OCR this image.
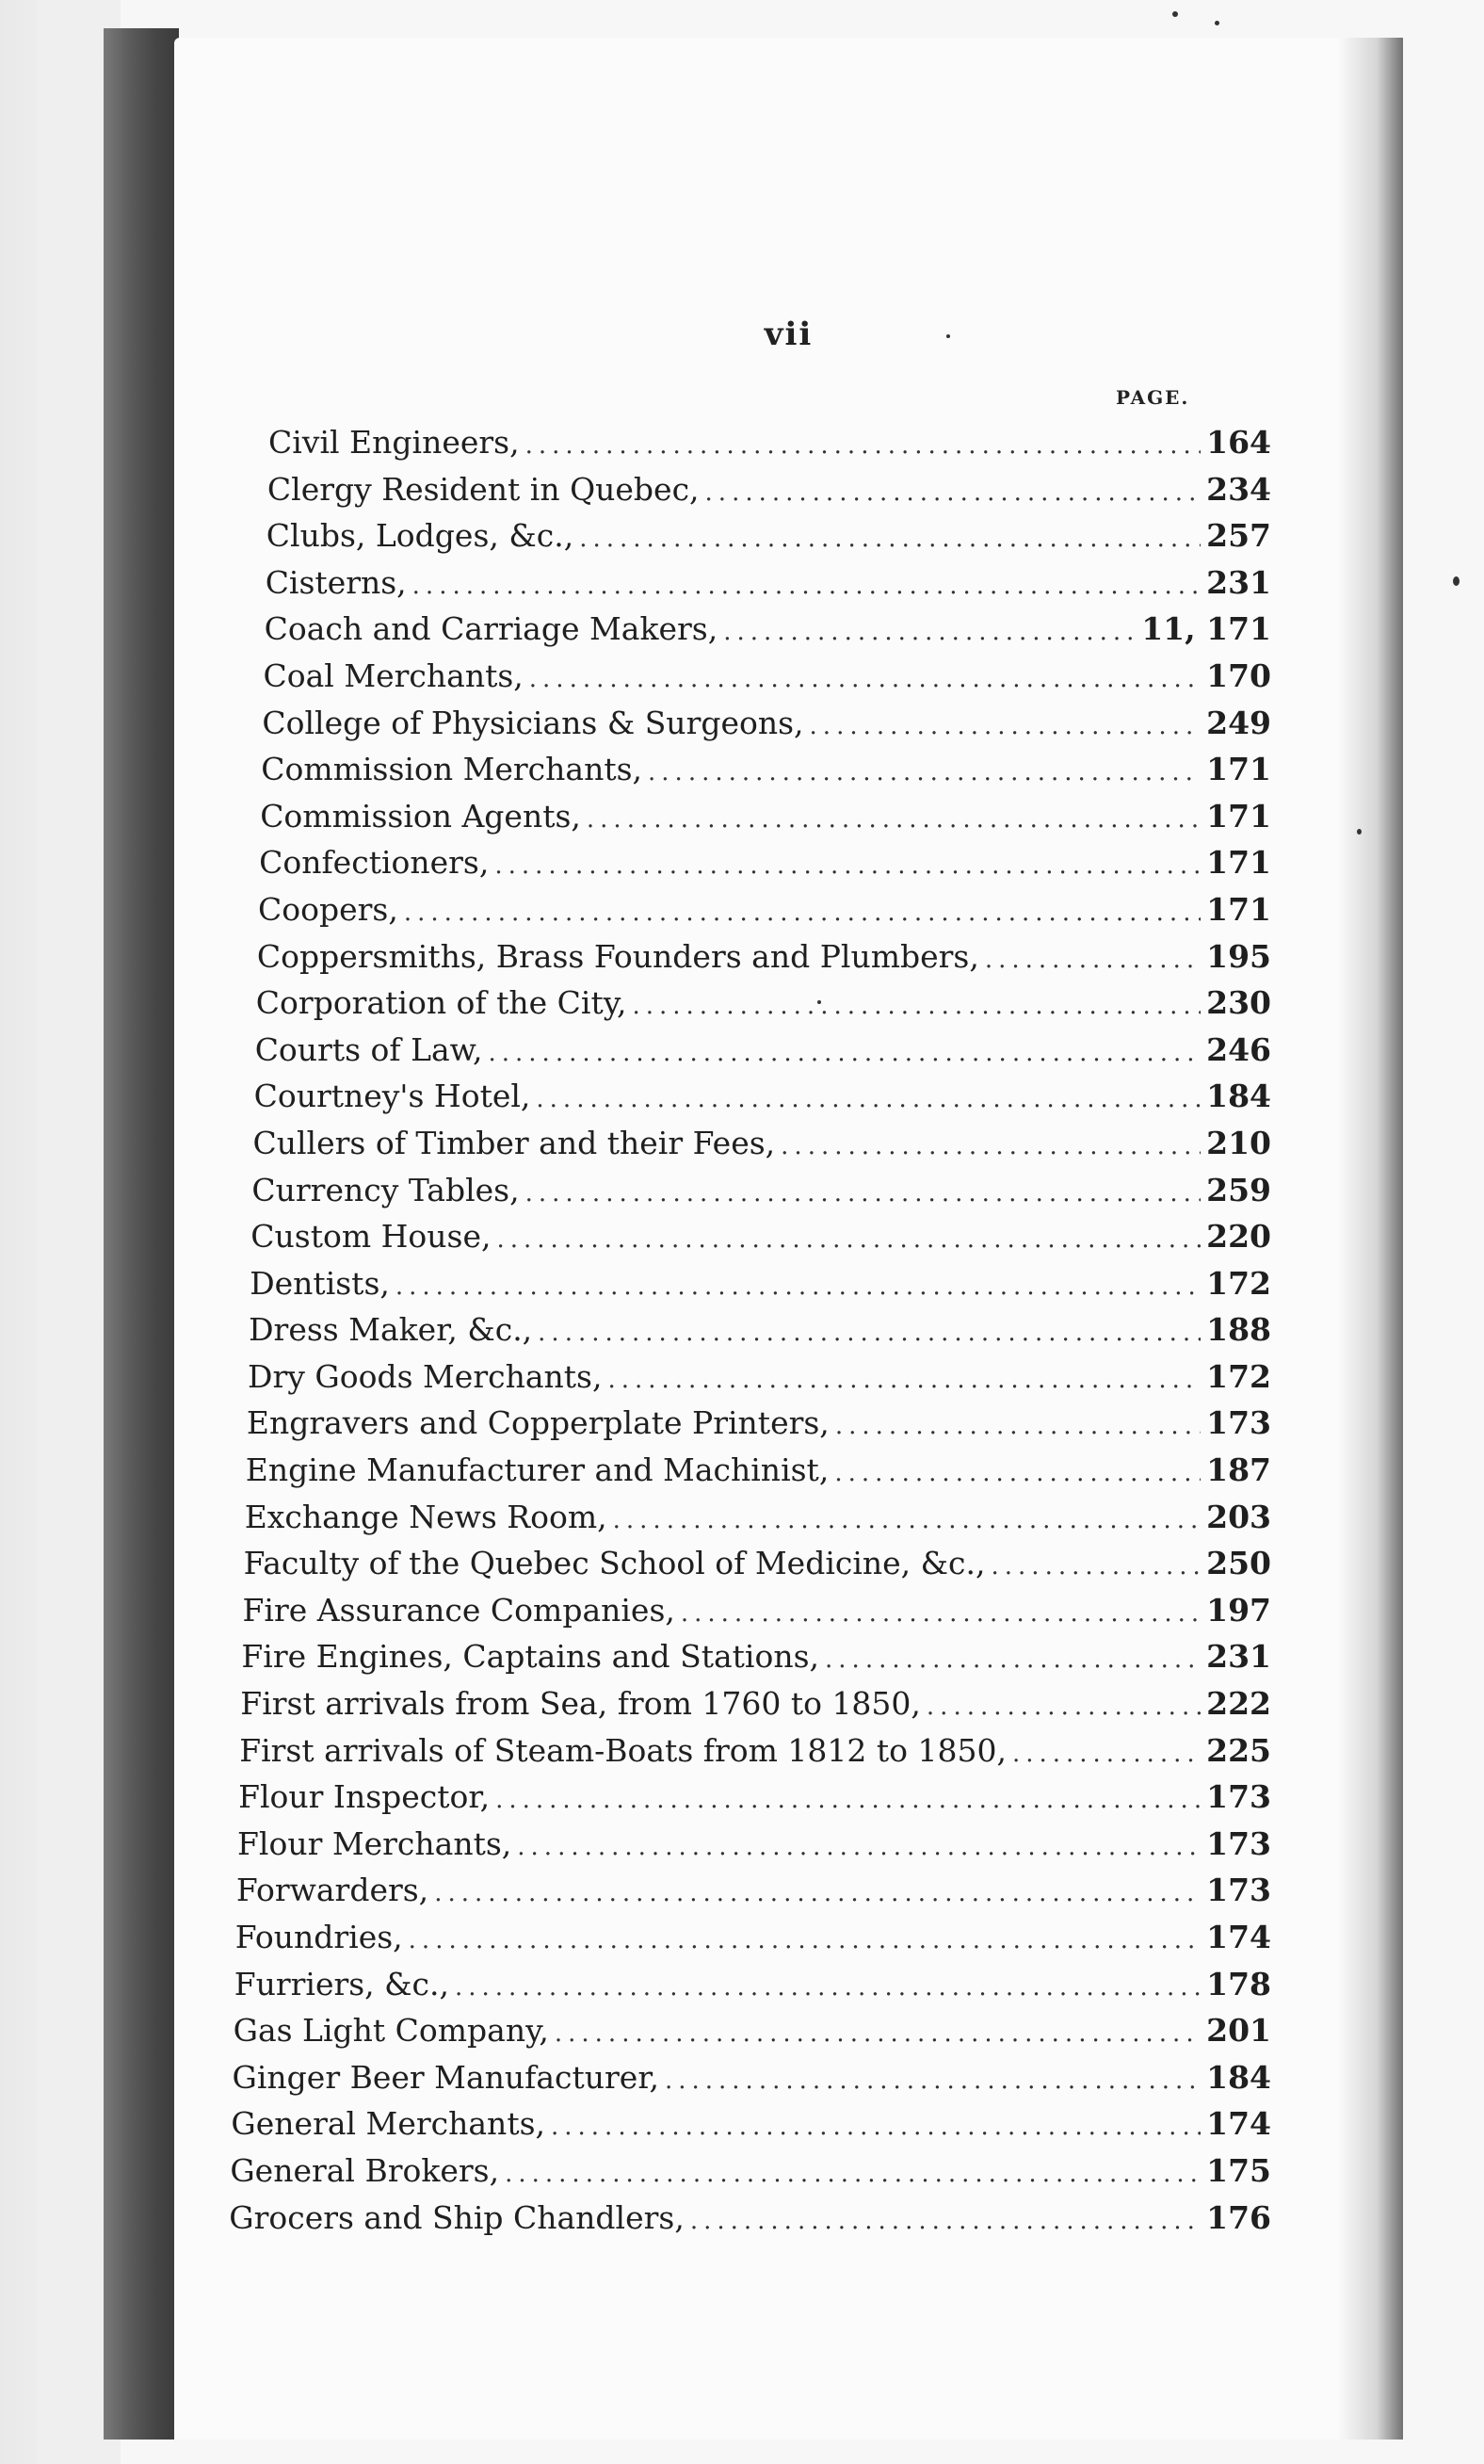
vii
PAGE.
Civil Engineers, .....	164
Clergy Resident in Quebec, .....	234
Clubs, Lodges, &c., .....	257
Cisterns, .....	231
Coach and Carriage Makers, .....	11, 171
Coal Merchants, .....	170
College of Physicians & Surgeons, .....	249
Commission Merchants, .....	171
Commission Agents, .....	171
Confectioners, .....	171
Coopers, .....	171
Coppersmiths, Brass Founders and Plumbers, .....	195
Corporation of the City, .....	230
Courts of Law, .....	246
Courtney's Hotel, .....	184
Cullers of Timber and their Fees, .....	210
Currency Tables, .....	259
Custom House, .....	220
Dentists, .....	172
Dress Maker, &c., .....	188
Dry Goods Merchants, .....	172
Engravers and Copperplate Printers, .....	173
Engine Manufacturer and Machinist, .....	187
Exchange News Room, .....	203
Faculty of the Quebec School of Medicine, &c., .....	250
Fire Assurance Companies, .....	197
Fire Engines, Captains and Stations, .....	231
First arrivals from Sea, from 1760 to 1850, .....	222
First arrivals of Steam-Boats from 1812 to 1850, .....	225
Flour Inspector, .....	173
Flour Merchants, .....	173
Forwarders, .....	173
Foundries, .....	174
Furriers, &c., .....	178
Gas Light Company, .....	201
Ginger Beer Manufacturer, .....	184
General Merchants, .....	174
General Brokers, .....	175
Grocers and Ship Chandlers, .....	176
